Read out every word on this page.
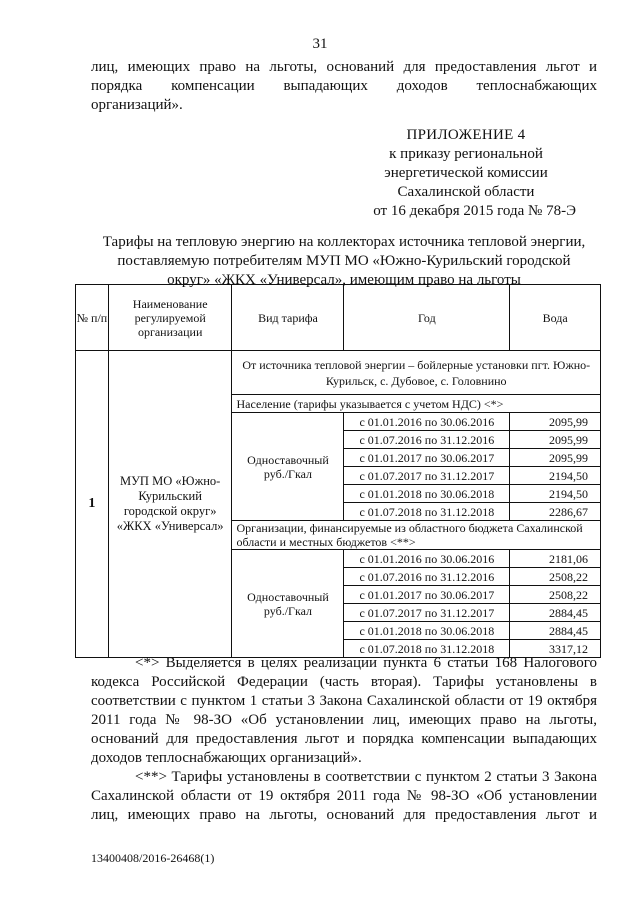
31
лиц, имеющих право на льготы, оснований для предоставления льгот и
порядка компенсации выпадающих доходов теплоснабжающих
организаций».
ПРИЛОЖЕНИЕ 4
к приказу региональной
энергетической комиссии
Сахалинской области
от 16 декабря 2015 года № 78-Э
Тарифы на тепловую энергию на коллекторах источника тепловой энергии,
поставляемую потребителям МУП МО «Южно-Курильский городской
округ» «ЖКХ «Универсал», имеющим право на льготы
№ п/п	Наименование регулируемой организации	Вид тарифа	Год	Вода
1	МУП МО «Южно-Курильский городской округ» «ЖКХ «Универсал»	От источника тепловой энергии – бойлерные установки пгт. Южно-Курильск, с. Дубовое, с. Головнино		
		Население (тарифы указывается с учетом НДС) <*>		
		Одноставочный руб./Гкал	с 01.01.2016 по 30.06.2016	2095,99
			с 01.07.2016 по 31.12.2016	2095,99
			с 01.01.2017 по 30.06.2017	2095,99
			с 01.07.2017 по 31.12.2017	2194,50
			с 01.01.2018 по 30.06.2018	2194,50
			с 01.07.2018 по 31.12.2018	2286,67
		Организации, финансируемые из областного бюджета Сахалинской области и местных бюджетов <**>		
		Одноставочный руб./Гкал	с 01.01.2016 по 30.06.2016	2181,06
			с 01.07.2016 по 31.12.2016	2508,22
			с 01.01.2017 по 30.06.2017	2508,22
			с 01.07.2017 по 31.12.2017	2884,45
			с 01.01.2018 по 30.06.2018	2884,45
			с 01.07.2018 по 31.12.2018	3317,12
<*> Выделяется в целях реализации пункта 6 статьи 168 Налогового
кодекса Российской Федерации (часть вторая). Тарифы установлены в
соответствии с пунктом 1 статьи 3 Закона Сахалинской области от 19 октября
2011 года № 98-ЗО «Об установлении лиц, имеющих право на льготы,
оснований для предоставления льгот и порядка компенсации выпадающих
доходов теплоснабжающих организаций».
<**> Тарифы установлены в соответствии с пунктом 2 статьи 3 Закона
Сахалинской области от 19 октября 2011 года № 98-ЗО «Об установлении
лиц, имеющих право на льготы, оснований для предоставления льгот и
13400408/2016-26468(1)
